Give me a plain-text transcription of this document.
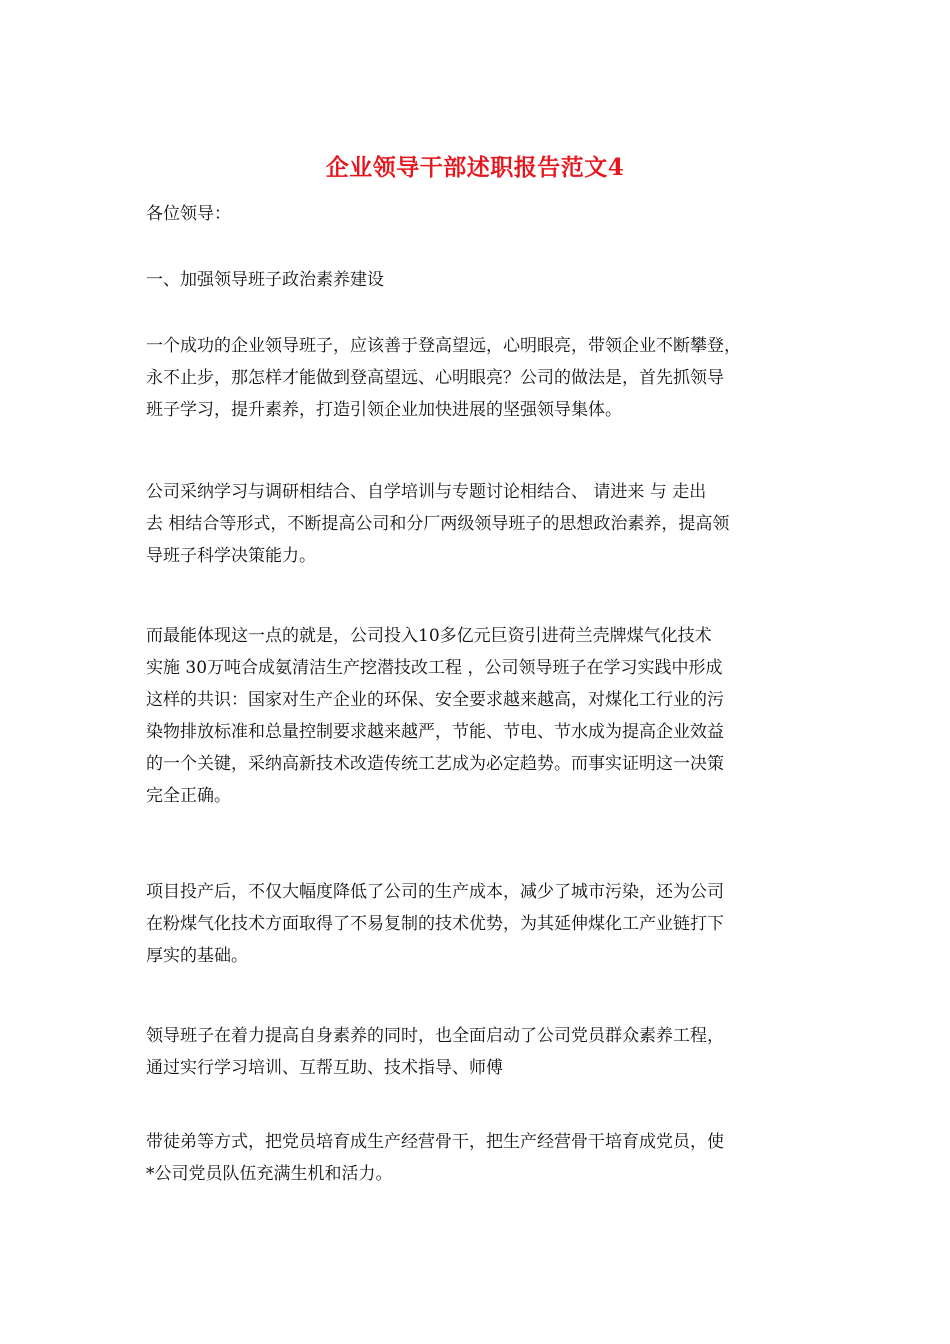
企业领导干部述职报告范文4
各位领导：
一、加强领导班子政治素养建设
一个成功的企业领导班子，应该善于登高望远，心明眼亮，带领企业不断攀登，
永不止步，那怎样才能做到登高望远、心明眼亮？公司的做法是，首先抓领导
班子学习，提升素养，打造引领企业加快进展的坚强领导集体。
公司采纳学习与调研相结合、自学培训与专题讨论相结合、 请进来 与 走出
去 相结合等形式，不断提高公司和分厂两级领导班子的思想政治素养，提高领
导班子科学决策能力。
而最能体现这一点的就是，公司投入10多亿元巨资引进荷兰壳牌煤气化技术
实施 30万吨合成氨清洁生产挖潜技改工程 ，公司领导班子在学习实践中形成
这样的共识：国家对生产企业的环保、安全要求越来越高，对煤化工行业的污
染物排放标准和总量控制要求越来越严，节能、节电、节水成为提高企业效益
的一个关键，采纳高新技术改造传统工艺成为必定趋势。而事实证明这一决策
完全正确。
项目投产后，不仅大幅度降低了公司的生产成本，减少了城市污染，还为公司
在粉煤气化技术方面取得了不易复制的技术优势，为其延伸煤化工产业链打下
厚实的基础。
领导班子在着力提高自身素养的同时，也全面启动了公司党员群众素养工程，
通过实行学习培训、互帮互助、技术指导、师傅
带徒弟等方式，把党员培育成生产经营骨干，把生产经营骨干培育成党员，使
*公司党员队伍充满生机和活力。
